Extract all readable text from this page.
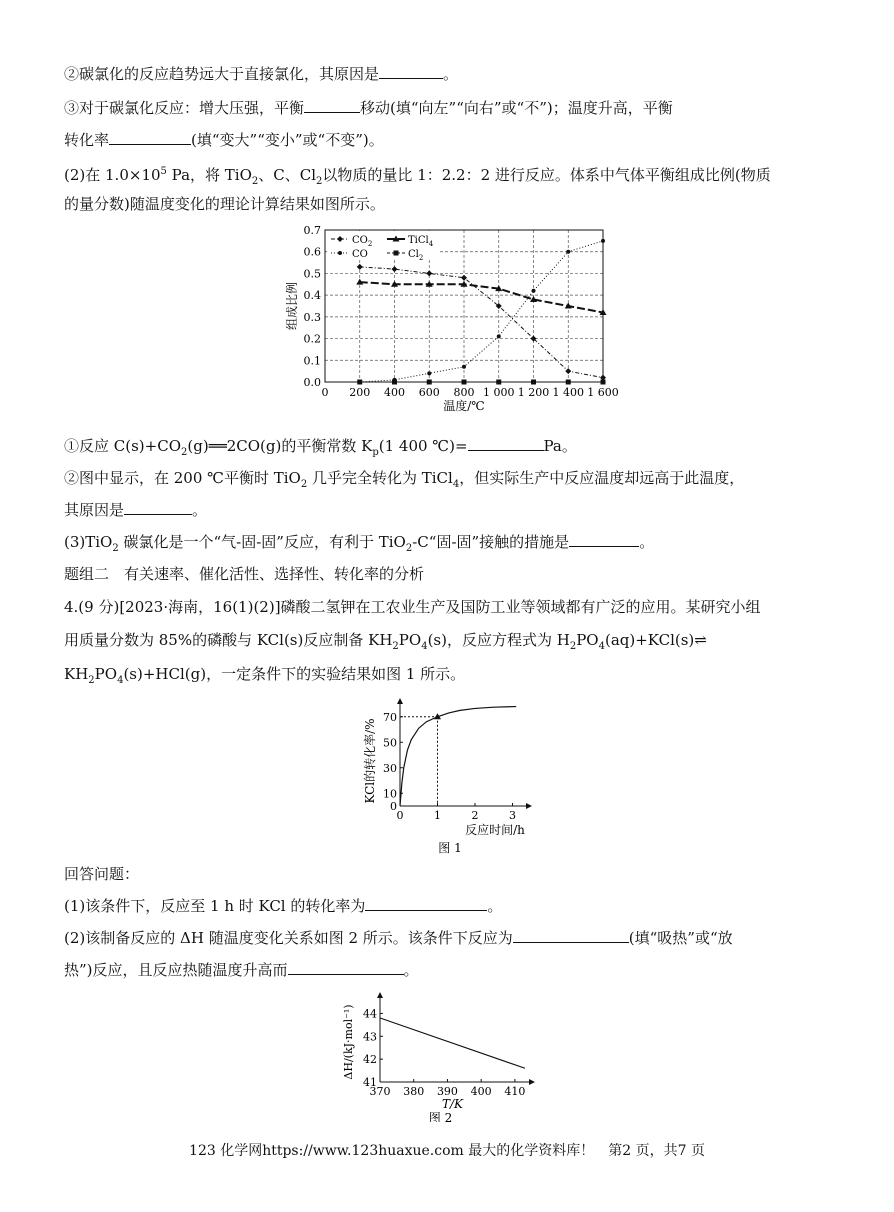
②碳氯化的反应趋势远大于直接氯化，其原因是	。
③对于碳氯化反应：增大压强，平衡	移动(填“向左”“向右”或“不”)；温度升高，平衡
转化率	(填“变大”“变小”或“不变”)。
(2)在 $1.0\times 10^5$ Pa，将 TiO$_2$、C、$Cl_2$以物质的量比 1：2.2：2 进行反应。体系中气体平衡组成比例(物质
的量分数)随温度变化的理论计算结果如图所示。
0.0
0.1
0.2
0.3
0.4
0.5
0.6
0.7
0 200 400 600 800 1 000 1 200 1 400 1 600
温度/℃
组成比例
$CO_2$	TiCl$_4$
CO	$Cl_2$
①反应 $C(s)+CO_2(g)══2CO(g)$的平衡常数 $K_p(1$ 400 ℃)=	Pa。
②图中显示，在 200 ℃平衡时 TiO$_2$ 几乎完全转化为 TiCl$_4$，但实际生产中反应温度却远高于此温度，
其原因是	。
(3)TiO$_2$ 碳氯化是一个“气-固-固”反应，有利于 TiO$_2$-C“固-固”接触的措施是	。
题组二　有关速率、催化活性、选择性、转化率的分析
4.(9 分)[2023·海南，16(1)(2)]磷酸二氢钾在工农业生产及国防工业等领域都有广泛的应用。某研究小组
用质量分数为 85%的磷酸与 KCl(s)反应制备 $KH_2PO_4(s)$，反应方程式为 $H_2PO_4(aq)+KCl(s)\rightleftharpoons$
$KH_2PO_4(s)+HCl(g)$，一定条件下的实验结果如图 1 所示。
0
10
30
50
70
0	1	2	3
反应时间/h
KCl的转化率/%
图 1
回答问题：
(1)该条件下，反应至 1 h 时 KCl 的转化率为	。
(2)该制备反应的 ΔH 随温度变化关系如图 2 所示。该条件下反应为	(填“吸热”或“放
热”)反应，且反应热随温度升高而	。
41
42
43
44
370 380 390 400 410
T/K
ΔH/(kJ·mol⁻¹)
图 2
123 化学网https://www.123huaxue.com 最大的化学资料库！　第2 页，共7 页
